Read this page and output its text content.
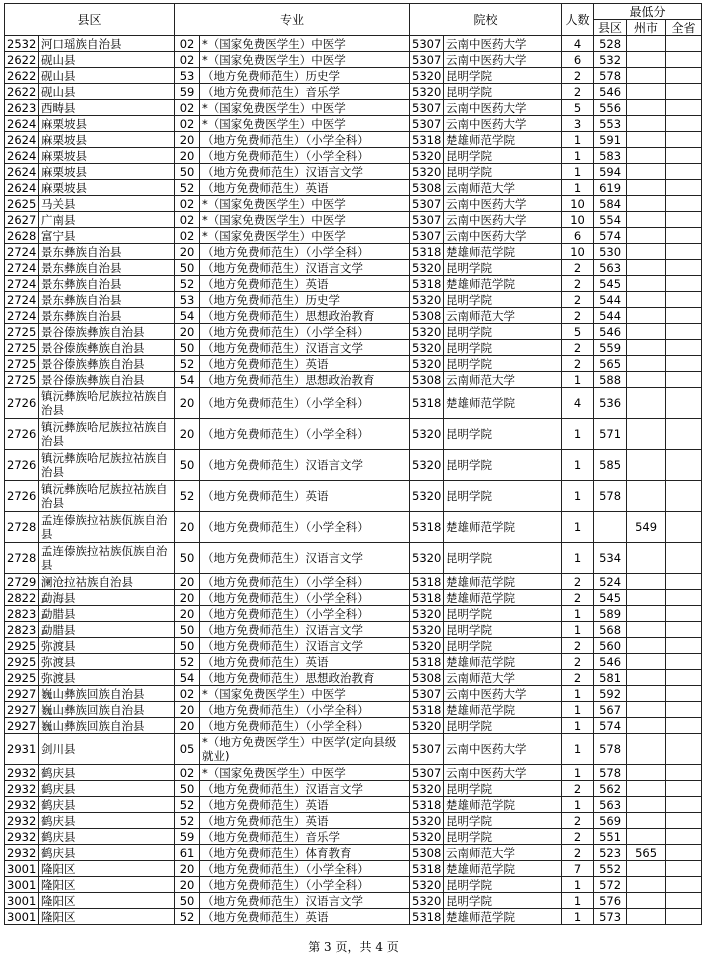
县区		专业		院校		人数	最低分		
							县区	州市	全省
2532	河口瑶族自治县	02	*（国家免费医学生）中医学	5307	云南中医药大学	4	528		
2622	砚山县	02	*（国家免费医学生）中医学	5307	云南中医药大学	6	532		
2622	砚山县	53	（地方免费师范生）历史学	5320	昆明学院	2	578		
2622	砚山县	59	（地方免费师范生）音乐学	5320	昆明学院	2	546		
2623	西畴县	02	*（国家免费医学生）中医学	5307	云南中医药大学	5	556		
2624	麻栗坡县	02	*（国家免费医学生）中医学	5307	云南中医药大学	3	553		
2624	麻栗坡县	20	（地方免费师范生）（小学全科）	5318	楚雄师范学院	1	591		
2624	麻栗坡县	20	（地方免费师范生）（小学全科）	5320	昆明学院	1	583		
2624	麻栗坡县	50	（地方免费师范生）汉语言文学	5320	昆明学院	1	594		
2624	麻栗坡县	52	（地方免费师范生）英语	5308	云南师范大学	1	619		
2625	马关县	02	*（国家免费医学生）中医学	5307	云南中医药大学	10	584		
2627	广南县	02	*（国家免费医学生）中医学	5307	云南中医药大学	10	554		
2628	富宁县	02	*（国家免费医学生）中医学	5307	云南中医药大学	6	574		
2724	景东彝族自治县	20	（地方免费师范生）（小学全科）	5318	楚雄师范学院	10	530		
2724	景东彝族自治县	50	（地方免费师范生）汉语言文学	5320	昆明学院	2	563		
2724	景东彝族自治县	52	（地方免费师范生）英语	5318	楚雄师范学院	2	545		
2724	景东彝族自治县	53	（地方免费师范生）历史学	5320	昆明学院	2	544		
2724	景东彝族自治县	54	（地方免费师范生）思想政治教育	5308	云南师范大学	2	544		
2725	景谷傣族彝族自治县	20	（地方免费师范生）（小学全科）	5320	昆明学院	5	546		
2725	景谷傣族彝族自治县	50	（地方免费师范生）汉语言文学	5320	昆明学院	2	559		
2725	景谷傣族彝族自治县	52	（地方免费师范生）英语	5320	昆明学院	2	565		
2725	景谷傣族彝族自治县	54	（地方免费师范生）思想政治教育	5308	云南师范大学	1	588		
2726	镇沅彝族哈尼族拉祜族自治县	20	（地方免费师范生）（小学全科）	5318	楚雄师范学院	4	536		
2726	镇沅彝族哈尼族拉祜族自治县	20	（地方免费师范生）（小学全科）	5320	昆明学院	1	571		
2726	镇沅彝族哈尼族拉祜族自治县	50	（地方免费师范生）汉语言文学	5320	昆明学院	1	585		
2726	镇沅彝族哈尼族拉祜族自治县	52	（地方免费师范生）英语	5320	昆明学院	1	578		
2728	孟连傣族拉祜族佤族自治县	20	（地方免费师范生）（小学全科）	5318	楚雄师范学院	1		549	
2728	孟连傣族拉祜族佤族自治县	50	（地方免费师范生）汉语言文学	5320	昆明学院	1	534		
2729	澜沧拉祜族自治县	20	（地方免费师范生）（小学全科）	5318	楚雄师范学院	2	524		
2822	勐海县	20	（地方免费师范生）（小学全科）	5318	楚雄师范学院	2	545		
2823	勐腊县	20	（地方免费师范生）（小学全科）	5320	昆明学院	1	589		
2823	勐腊县	50	（地方免费师范生）汉语言文学	5320	昆明学院	1	568		
2925	弥渡县	50	（地方免费师范生）汉语言文学	5320	昆明学院	2	560		
2925	弥渡县	52	（地方免费师范生）英语	5318	楚雄师范学院	2	546		
2925	弥渡县	54	（地方免费师范生）思想政治教育	5308	云南师范大学	2	581		
2927	巍山彝族回族自治县	02	*（国家免费医学生）中医学	5307	云南中医药大学	1	592		
2927	巍山彝族回族自治县	20	（地方免费师范生）（小学全科）	5318	楚雄师范学院	1	567		
2927	巍山彝族回族自治县	20	（地方免费师范生）（小学全科）	5320	昆明学院	1	574		
2931	剑川县	05	*（地方免费医学生）中医学(定向县级就业)	5307	云南中医药大学	1	578		
2932	鹤庆县	02	*（国家免费医学生）中医学	5307	云南中医药大学	1	578		
2932	鹤庆县	50	（地方免费师范生）汉语言文学	5320	昆明学院	2	562		
2932	鹤庆县	52	（地方免费师范生）英语	5318	楚雄师范学院	1	563		
2932	鹤庆县	52	（地方免费师范生）英语	5320	昆明学院	2	569		
2932	鹤庆县	59	（地方免费师范生）音乐学	5320	昆明学院	2	551		
2932	鹤庆县	61	（地方免费师范生）体育教育	5308	云南师范大学	2	523	565	
3001	隆阳区	20	（地方免费师范生）（小学全科）	5318	楚雄师范学院	7	552		
3001	隆阳区	20	（地方免费师范生）（小学全科）	5320	昆明学院	1	572		
3001	隆阳区	50	（地方免费师范生）汉语言文学	5320	昆明学院	1	576		
3001	隆阳区	52	（地方免费师范生）英语	5318	楚雄师范学院	1	573		
第 3 页，共 4 页
